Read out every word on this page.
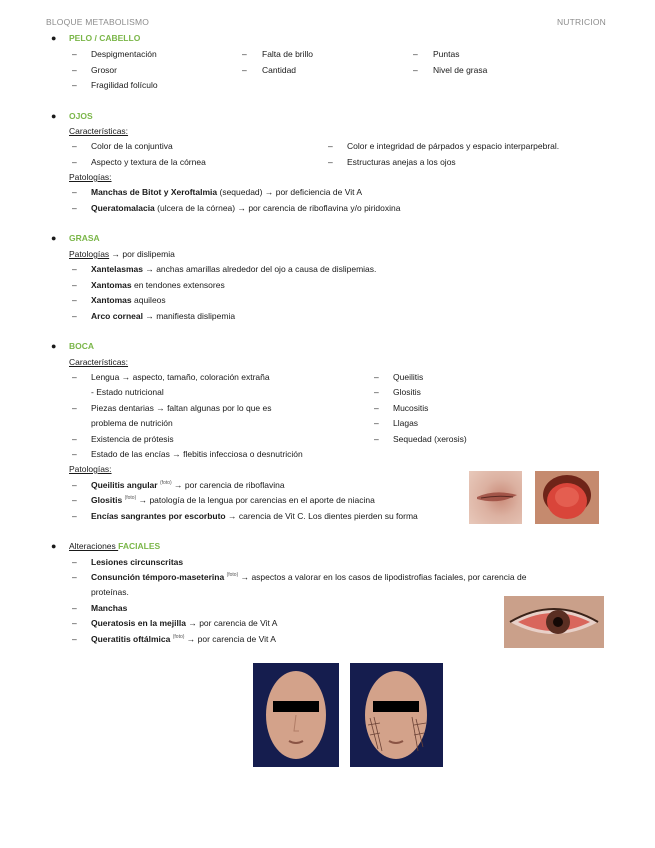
BLOQUE METABOLISMO	NUTRICION
● PELO / CABELLO
– Despigmentación
– Grosor
– Fragilidad folículo
– Falta de brillo
– Cantidad
– Puntas
– Nivel de grasa
● OJOS
Características:
– Color de la conjuntiva
– Aspecto y textura de la córnea
– Color e integridad de párpados y espacio interparpebral.
– Estructuras anejas a los ojos
Patologías:
– Manchas de Bitot y Xeroftalmia (sequedad) → por deficiencia de Vit A
– Queratomalacia (ulcera de la córnea) → por carencia de riboflavina y/o piridoxina
● GRASA
Patologías → por dislipemia
– Xantelasmas → anchas amarillas alrededor del ojo a causa de dislipemias.
– Xantomas en tendones extensores
– Xantomas aquileos
– Arco corneal → manifiesta dislipemia
● BOCA
Características:
– Lengua → aspecto, tamaño, coloración extraña
- Estado nutricional
– Piezas dentarias → faltan algunas por lo que es
problema de nutrición
– Existencia de prótesis
– Estado de las encías → flebitis infecciosa o desnutrición
– Queilitis
– Glositis
– Mucositis
– Llagas
– Sequedad (xerosis)
Patologías:
– Queilitis angular $^{(foto)}$ → por carencia de riboflavina
– Glositis $^{(foto)}$ → patología de la lengua por carencias en el aporte de niacina
– Encías sangrantes por escorbuto → carencia de Vit C. Los dientes pierden su forma
● Alteraciones FACIALES
– Lesiones circunscritas
– Consunción témporo-maseterina $^{(foto)}$ → aspectos a valorar en los casos de lipodistrofias faciales, por carencia de
proteínas.
– Manchas
– Queratosis en la mejilla → por carencia de Vit A
– Queratitis oftálmica $^{(foto)}$ → por carencia de Vit A
